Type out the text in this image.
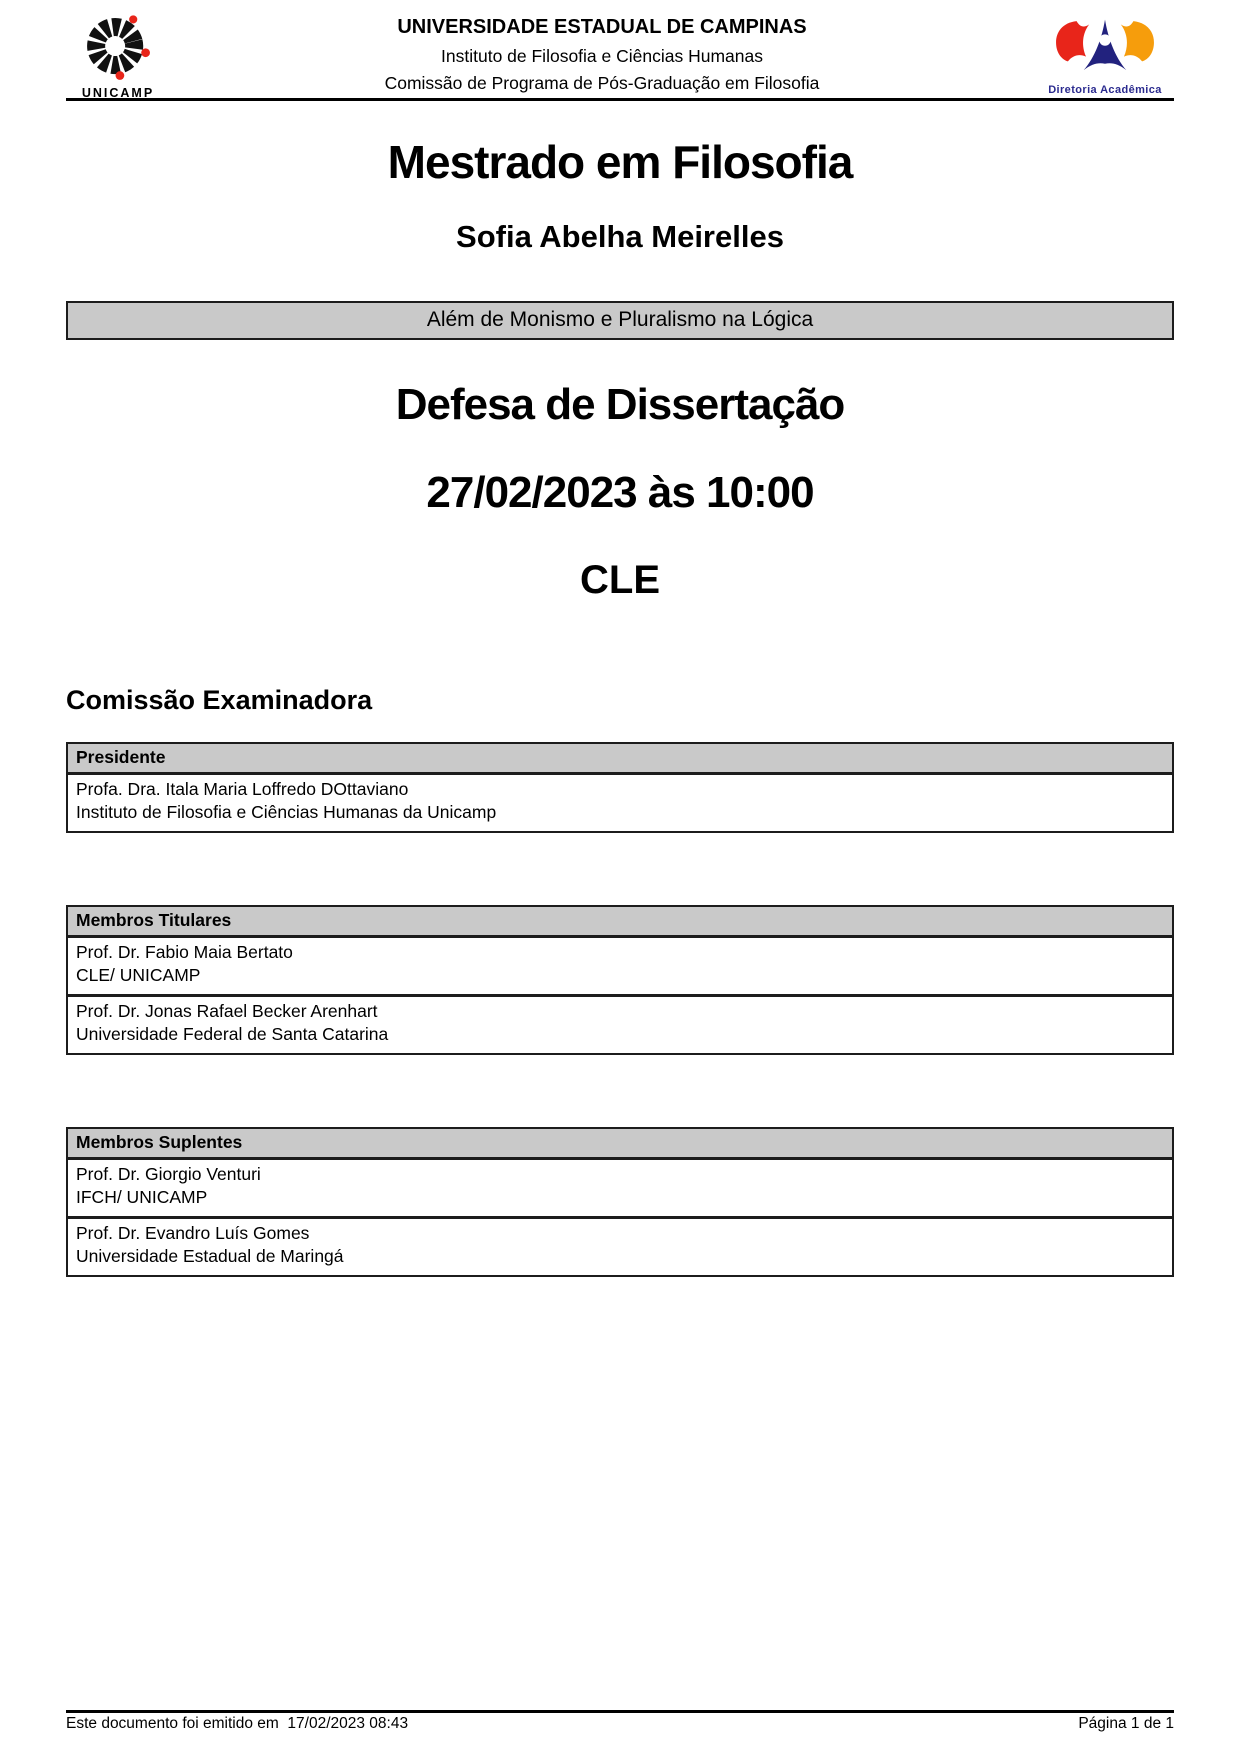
UNICAMP
UNIVERSIDADE ESTADUAL DE CAMPINAS
Instituto de Filosofia e Ciências Humanas
Comissão de Programa de Pós-Graduação em Filosofia	Diretoria Acadêmica
Mestrado em Filosofia
Sofia Abelha Meirelles
Além de Monismo e Pluralismo na Lógica
Defesa de Dissertação
27/02/2023 às 10:00
CLE
Comissão Examinadora
Presidente
Profa. Dra. Itala Maria Loffredo DOttaviano
Instituto de Filosofia e Ciências Humanas da Unicamp
Membros Titulares
Prof. Dr. Fabio Maia Bertato
CLE/ UNICAMP
Prof. Dr. Jonas Rafael Becker Arenhart
Universidade Federal de Santa Catarina
Membros Suplentes
Prof. Dr. Giorgio Venturi
IFCH/ UNICAMP
Prof. Dr. Evandro Luís Gomes
Universidade Estadual de Maringá
Este documento foi emitido em  17/02/2023 08:43	Página 1 de 1
